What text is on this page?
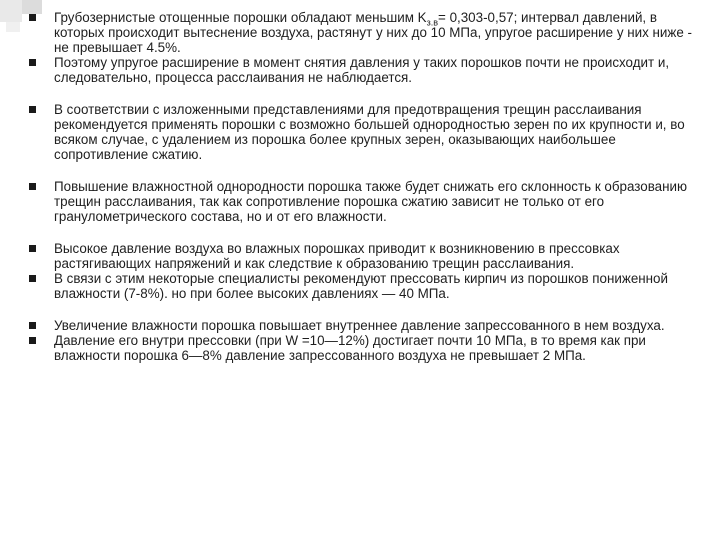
Грубозернистые отощенные порошки обладают меньшим $K_{з.в}= 0,303-0,57$; интервал давлений, в которых происходит вытеснение воздуха, растянут у них до 10 МПа, упругое расширение у них ниже - не превышает 4.5%.
Поэтому упругое расширение в момент снятия давления у таких порошков почти не происходит и, следовательно, процесса расслаивания не наблюдается.
В соответствии с изложенными представлениями для предотвращения трещин расслаивания рекомендуется применять порошки с возможно большей однородностью зерен по их крупности и, во всяком случае, с удалением из порошка более крупных зерен, оказывающих наибольшее сопротивление сжатию.
Повышение влажностной однородности порошка также будет снижать его склонность к образованию трещин расслаивания, так как сопротивление порошка сжатию зависит не только от его гранулометрического состава, но и от его влажности.
Высокое давление воздуха во влажных порошках приводит к возникновению в прессовках растягивающих напряжений и как следствие к образованию трещин расслаивания.
В связи с этим некоторые специалисты рекомендуют прессовать кирпич из порошков пониженной влажности (7-8%). но при более высоких давлениях — 40 МПа.
Увеличение влажности порошка повышает внутреннее давление запрессованного в нем воздуха.
Давление его внутри прессовки (при W =10—12%) достигает почти 10 МПа, в то время как при влажности порошка 6—8% давление запрессованного воздуха не превышает 2 МПа.
